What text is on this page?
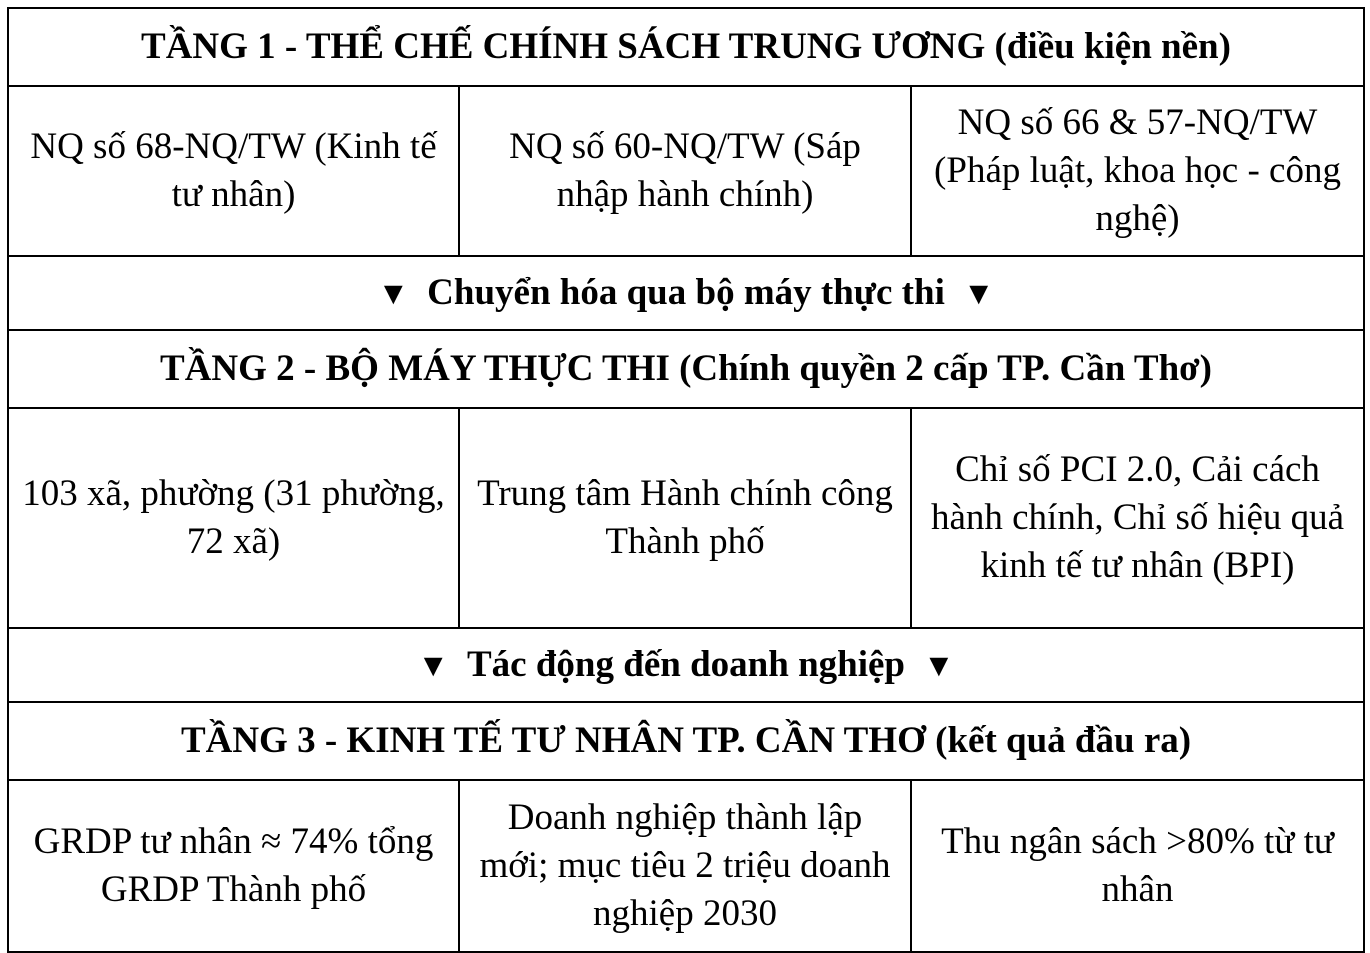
TẦNG 1 - THỂ CHẾ CHÍNH SÁCH TRUNG ƯƠNG (điều kiện nền)		
NQ số 68-NQ/TW (Kinh tế tư nhân)	NQ số 60-NQ/TW (Sáp nhập hành chính)	NQ số 66 & 57-NQ/TW (Pháp luật, khoa học - công nghệ)
▼ Chuyển hóa qua bộ máy thực thi ▼		
TẦNG 2 - BỘ MÁY THỰC THI (Chính quyền 2 cấp TP. Cần Thơ)		
103 xã, phường (31 phường, 72 xã)	Trung tâm Hành chính công Thành phố	Chỉ số PCI 2.0, Cải cách hành chính, Chỉ số hiệu quả kinh tế tư nhân (BPI)
▼ Tác động đến doanh nghiệp ▼		
TẦNG 3 - KINH TẾ TƯ NHÂN TP. CẦN THƠ (kết quả đầu ra)		
GRDP tư nhân ≈ 74% tổng GRDP Thành phố	Doanh nghiệp thành lập mới; mục tiêu 2 triệu doanh nghiệp 2030	Thu ngân sách >80% từ tư nhân
